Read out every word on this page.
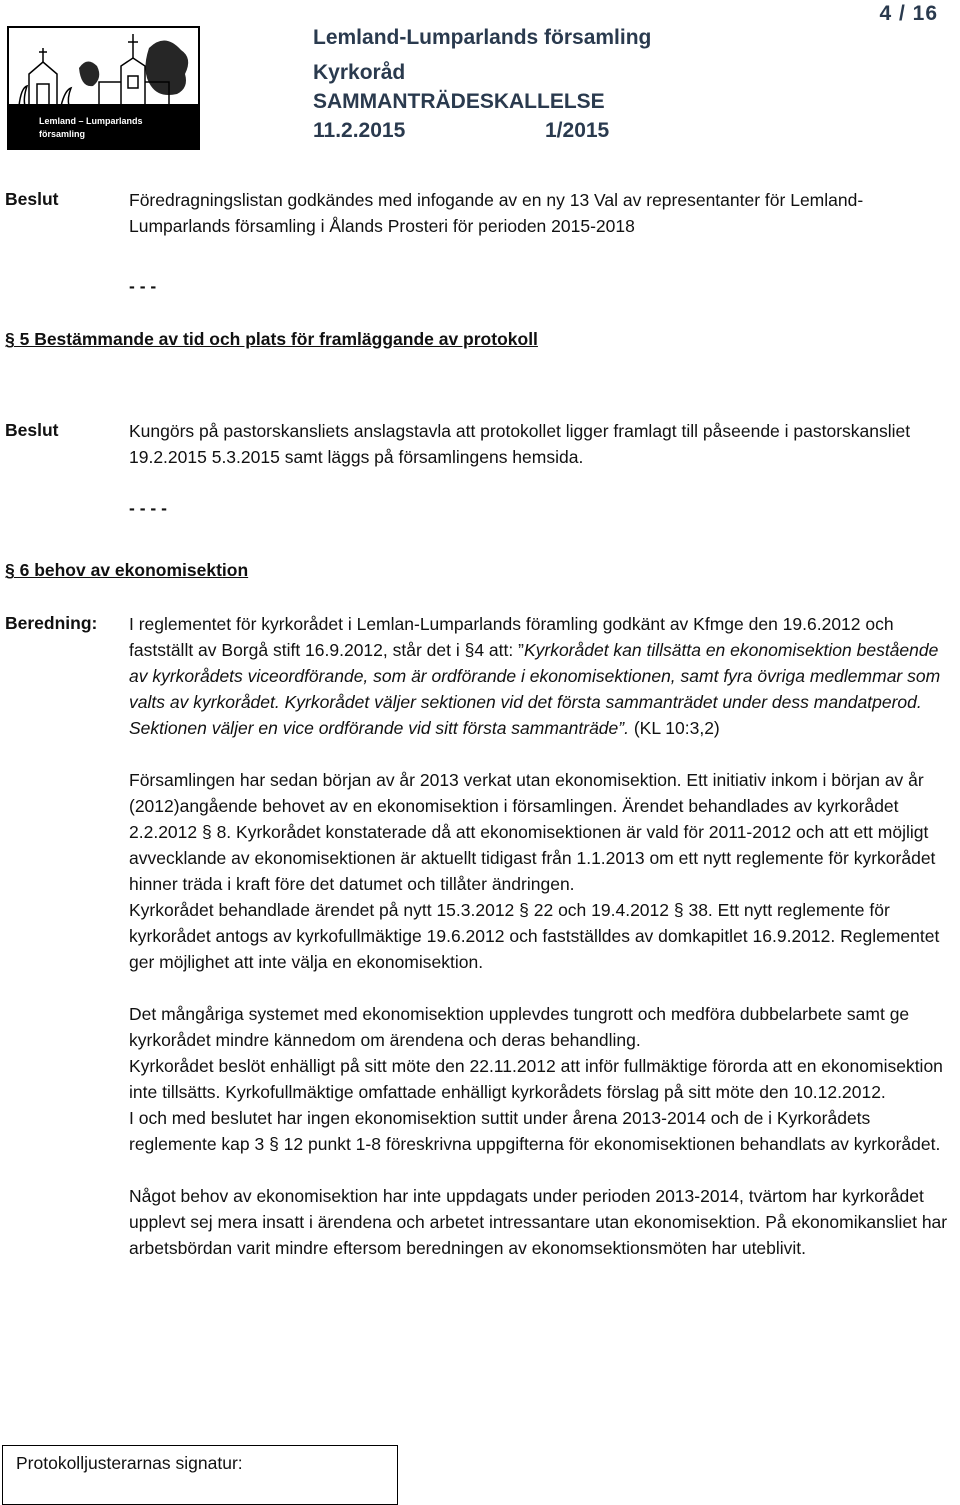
4 / 16
Lemland – Lumparlands
församling
Lemland-Lumparlands församling
Kyrkoråd
SAMMANTRÄDESKALLELSE
11.2.2015	1/2015
Beslut	Föredragningslistan godkändes med infogande av en ny 13 Val av representanter för Lemland-Lumparlands församling i Ålands Prosteri för perioden 2015-2018
- - -
§ 5 Bestämmande av tid och plats för framläggande av protokoll
Beslut	Kungörs på pastorskansliets anslagstavla att protokollet ligger framlagt till påseende i pastorskansliet 19.2.2015 5.3.2015 samt läggs på församlingens hemsida.
- - - -
§ 6 behov av ekonomisektion
Beredning: I reglementet för kyrkorådet i Lemlan-Lumparlands föramling godkänt av Kfmge den 19.6.2012 och fastställt av Borgå stift 16.9.2012, står det i §4 att: ”Kyrkorådet kan tillsätta en ekonomisektion bestående av kyrkorådets viceordförande, som är ordförande i ekonomisektionen, samt fyra övriga medlemmar som valts av kyrkorådet. Kyrkorådet väljer sektionen vid det första sammanträdet under dess mandatperod. Sektionen väljer en vice ordförande vid sitt första sammanträde”. (KL 10:3,2)

Församlingen har sedan början av år 2013 verkat utan ekonomisektion. Ett initiativ inkom i början av år (2012)angående behovet av en ekonomisektion i församlingen. Ärendet behandlades av kyrkorådet 2.2.2012 § 8. Kyrkorådet konstaterade då att ekonomisektionen är vald för 2011-2012 och att ett möjligt avvecklande av ekonomisektionen är aktuellt tidigast från 1.1.2013 om ett nytt reglemente för kyrkorådet hinner träda i kraft före det datumet och tillåter ändringen.

Kyrkorådet behandlade ärendet på nytt 15.3.2012 § 22 och 19.4.2012 § 38. Ett nytt reglemente för kyrkorådet antogs av kyrkofullmäktige 19.6.2012 och fastställdes av domkapitlet 16.9.2012. Reglementet ger möjlighet att inte välja en ekonomisektion.

Det mångåriga systemet med ekonomisektion upplevdes tungrott och medföra dubbelarbete samt ge kyrkorådet mindre kännedom om ärendena och deras behandling.

Kyrkorådet beslöt enhälligt på sitt möte den 22.11.2012 att inför fullmäktige förorda att en ekonomisektion inte tillsätts. Kyrkofullmäktige omfattade enhälligt kyrkorådets förslag på sitt möte den 10.12.2012.

I och med beslutet har ingen ekonomisektion suttit under årena 2013-2014 och de i Kyrkorådets reglemente kap 3 § 12 punkt 1-8 föreskrivna uppgifterna för ekonomisektionen behandlats av kyrkorådet.

Något behov av ekonomisektion har inte uppdagats under perioden 2013-2014, tvärtom har kyrkorådet upplevt sej mera insatt i ärendena och arbetet intressantare utan ekonomisektion. På ekonomikansliet har arbetsbördan varit mindre eftersom beredningen av ekonomsektionsmöten har uteblivit.

Protokolljusterarnas signatur:
